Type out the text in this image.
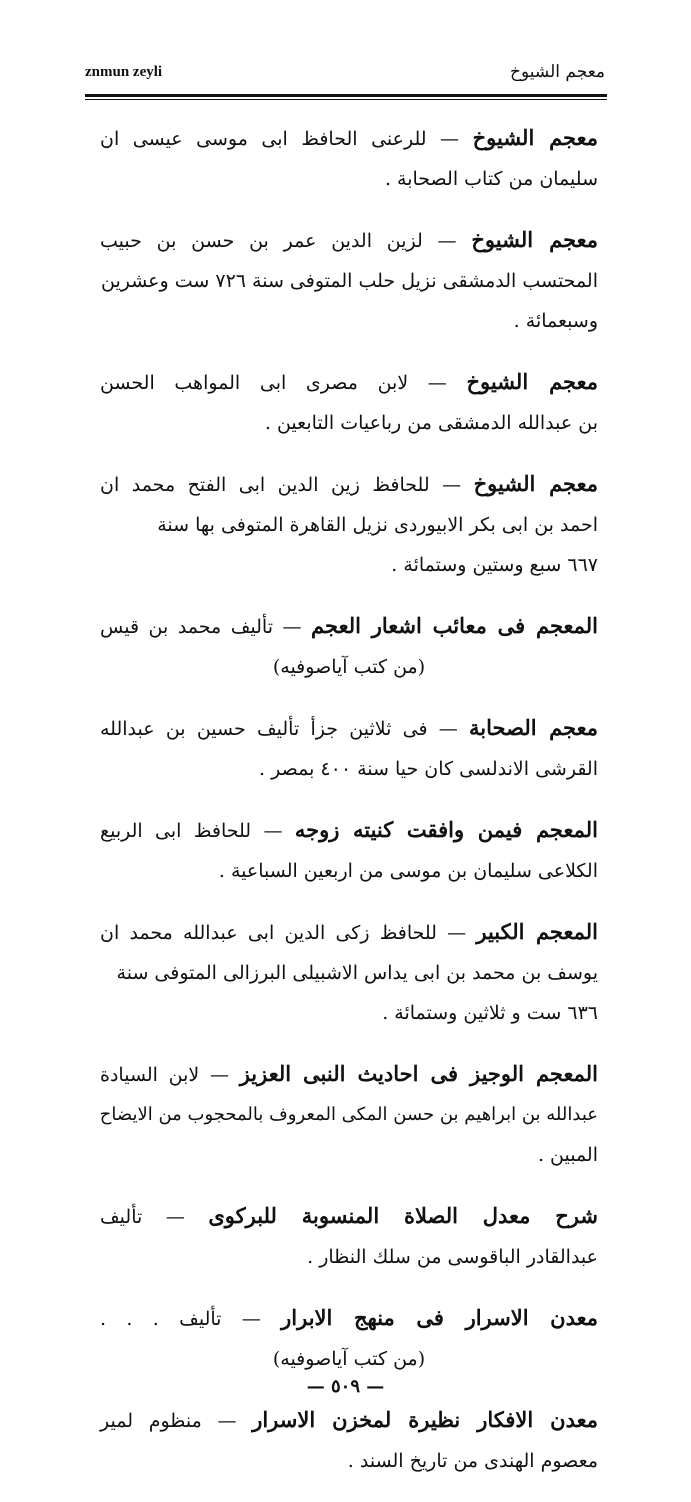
znmun zeyli	معجم الشيوخ
معجم الشيوخ — للرعنى الحافظ ابى موسى عيسى ان
سليمان من كتاب الصحابة .
معجم الشيوخ — لزين الدين عمر بن حسن بن حبيب
المحتسب الدمشقى نزيل حلب المتوفى سنة ٧٢٦ ست وعشرين
وسبعمائة .
معجم الشيوخ — لابن مصرى ابى المواهب الحسن
بن عبدالله الدمشقى من رباعيات التابعين .
معجم الشيوخ — للحافظ زين الدين ابى الفتح محمد ان
احمد بن ابى بكر الابيوردى نزيل القاهرة المتوفى بها سنة
٦٦٧ سبع وستين وستمائة .
المعجم فى معائب اشعار العجم — تأليف محمد بن قيس
(من كتب آياصوفيه)
معجم الصحابة — فى ثلاثين جزأ تأليف حسين بن عبدالله
القرشى الاندلسى كان حيا سنة ٤٠٠ بمصر .
المعجم فيمن وافقت كنيته زوجه — للحافظ ابى الربيع
الكلاعى سليمان بن موسى من اربعين السباعية .
المعجم الكبير — للحافظ زكى الدين ابى عبدالله محمد ان
يوسف بن محمد بن ابى يداس الاشبيلى البرزالى المتوفى سنة
٦٣٦ ست و ثلاثين وستمائة .
المعجم الوجيز فى احاديث النبى العزيز — لابن السيادة
عبدالله بن ابراهيم بن حسن المكى المعروف بالمحجوب من الايضاح
المبين .
شرح معدل الصلاة المنسوبة للبركوى — تأليف
عبدالقادر الباقوسى من سلك النظار .
معدن الاسرار فى منهج الابرار — تأليف . . .
(من كتب آياصوفيه)
معدن الافكار نظيرة لمخزن الاسرار — منظوم لمير
معصوم الهندى من تاريخ السند .
— ٥٠٩ —
